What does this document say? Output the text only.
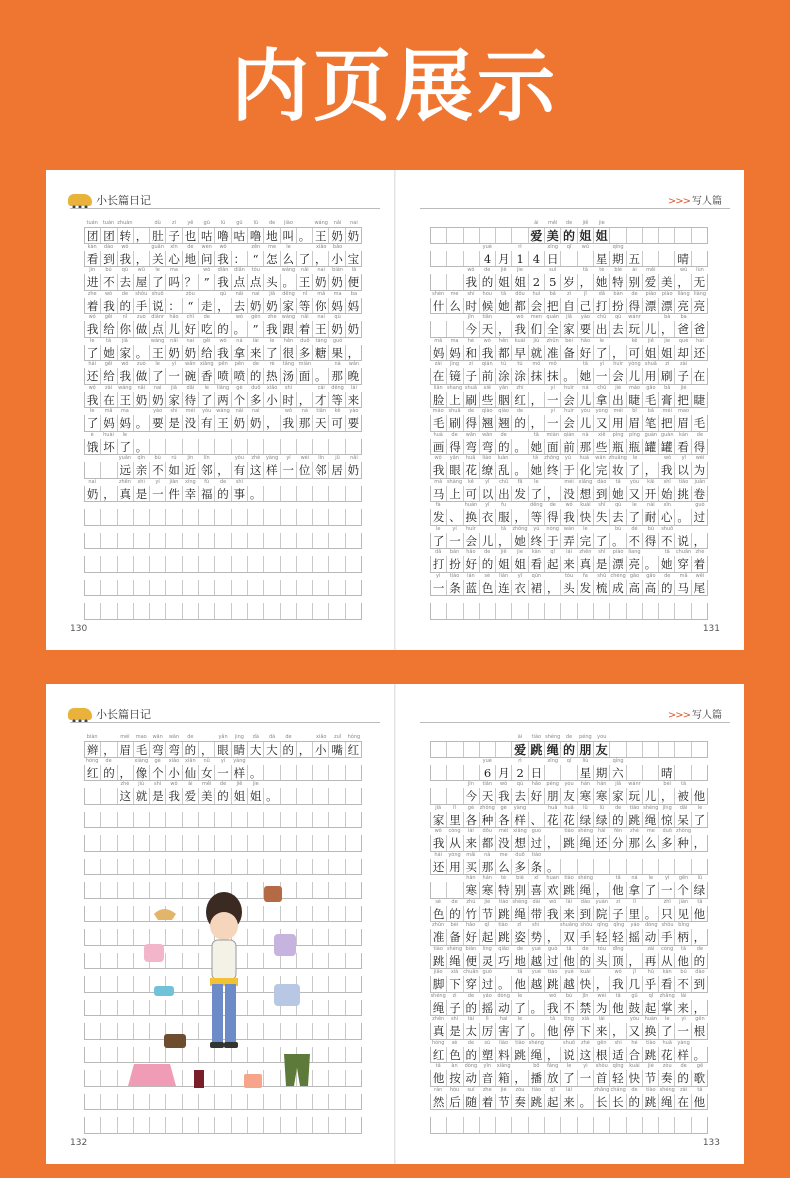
内页展示
小长篇日记
tuán tuán zhuàn	dù	zi	yě	gū	lū	gū	lū	de	jiào	wáng	nǎi	nai
团 团 转 ， 肚 子 也 咕 噜 咕 噜 地 叫 。 王 奶 奶
kàn	dào	wǒ	guān	xīn	de	wèn	wǒ	zěn	me	le	xiǎo	bǎo
看 到 我 ， 关 心 地 问 我 ： “ 怎 么 了 ， 小 宝
jìn	bú	qù	wū	le	ma	wǒ	diǎn	diǎn	tóu	wáng	nǎi	nai	biàn	lā
进 不 去 屋 了 吗 ？ ” 我 点 点 头 。 王 奶 奶 便
zhe	wǒ	de	shǒu shuō	zǒu	qù	nǎi	nai	jiā	děng	nǐ	mā	ma	ba
着 我 的 手 说 ： “ 走 ， 去 奶 奶 家 等 你 妈 妈
wǒ	gěi	nǐ	zuò	diǎnr	hǎo	chī	de	wǒ	gēn	zhe	wáng	nǎi	nai	qù
我 给 你 做 点 儿 好 吃 的 。 ” 我 跟 着 王 奶 奶
le	tā	jiā	wáng	nǎi	nai	gěi	wǒ	ná	lái	le	hěn	duō	táng	guǒ
了 她 家 。 王 奶 奶 给 我 拿 来 了 很 多 糖 果 ，
hái	gěi	wǒ	zuò	le	yì	wǎn xiāng pēn	pēn	de	rè	tāng miàn	nà	wǎn
还 给 我 做 了 一 碗 香 喷 喷 的 热 汤 面 。 那 晚
wǒ	zài	wáng	nǎi	nai	jiā	dāi	le	liǎng	gè	duō	xiǎo	shí	cái	děng	lái
我 在 王 奶 奶 家 待 了 两 个 多 小 时 ， 才 等 来
le	mā	ma	yào	shi	méi	yǒu	wáng	nǎi	nai	wǒ	nà	tiān	kě	yào
了 妈 妈 。 要 是 没 有 王 奶 奶 ， 我 那 天 可 要
è	huài	le
饿 坏 了 。
yuǎn	qīn	bù	rú	jìn	lín	yǒu	zhè	yàng	yí	wèi	lín	jū	nǎi
远 亲 不 如 近 邻 ， 有 这 样 一 位 邻 居 奶
nai	zhēn	shì	yí	jiàn	xìng	fú	de	shì
奶 ， 真 是 一 件 幸 福 的 事 。
130
>>> 写人篇
ài	měi	de	jiě	jie
爱 美 的 姐 姐
yuè	rì	xīng	qī	wǔ	qíng
4 月 1 4 日	星 期 五	晴
wǒ	de	jiě	jie	suì	tā	tè	bié	ài	měi	wú	lùn
我 的 姐 姐 2 5 岁 ， 她 特 别 爱 美 ， 无
shén	me	shí	hou	tā	dōu	huì	bǎ	zì	jǐ	dǎ	bàn	de	piào	piào liàng liàng
什 么 时 候 她 都 会 把 自 己 打 扮 得 漂 漂 亮 亮
jīn	tiān	wǒ	men quán	jiā	yào	chū	qù	wánr	bà	ba
今 天 ， 我 们 全 家 要 出 去 玩 儿 ， 爸 爸
mā	ma	hé	wǒ	hěn	kuài	jiù	zhǔn	bèi	hǎo	le	kě	jiě	jie	què	hái
妈 妈 和 我 都 早 就 准 备 好 了 ， 可 姐 姐 却 还
zài	jìng	zi	qián	tú	tú	mǒ	mǒ	tā	yí	huìr	yòng shuā	zi	zài
在 镜 子 前 涂 涂 抹 抹 。 她 一 会 儿 用 刷 子 在
liǎn shang shuā	xiē	yān	zhi	yí	huìr	ná	chū	jié	máo	gāo	bǎ	jié
脸 上 刷 些 胭 红 ， 一 会 儿 拿 出 睫 毛 膏 把 睫
máo shuā	de	qiào	qiào	de	yí	huìr	yòu	yòng	méi	bǐ	bǎ	méi	mao
毛 刷 得 翘 翘 的 ， 一 会 儿 又 用 眉 笔 把 眉 毛
huà	de	wān	wān	de	tā	miàn qián	nà	xiē	píng	píng guàn guàn	kàn	de
画 得 弯 弯 的 。 她 面 前 那 些 瓶 瓶 罐 罐 看 得
wǒ	yǎn	huā	liáo	luàn	tā	zhōng	yú	huà	wán zhuāng	le	wǒ	yǐ	wéi
我 眼 花 缭 乱 。 她 终 于 化 完 妆 了 ， 我 以 为
mǎ shàng	kě	yǐ	chū	fā	le	méi xiǎng dào	tā	yòu	kāi	shǐ	tiāo	juǎn
马 上 可 以 出 发 了 ， 没 想 到 她 又 开 始 挑 卷
fà	huàn	yī	fu	děng	de	wǒ	kuài	shī	qù	le	nài	xīn	guò
发 、 换 衣 服 ， 等 得 我 快 失 去 了 耐 心 。 过
le	yí	huìr	tā	zhōng	yú	nòng wán	le	bù	dé	bù	shuō
了 一 会 儿 ， 她 终 于 弄 完 了 。 不 得 不 说 ，
dǎ	bàn	hǎo	de	jiě	jie	kàn	qǐ	lái	zhēn	shì	piào liang	tā	chuān zhe
打 扮 好 的 姐 姐 看 起 来 真 是 漂 亮 。 她 穿 着
yì	tiáo	lán	sè	lián	yī	qún	tóu	fa	shū chéng gāo	gāo	de	mǎ	wěi
一 条 蓝 色 连 衣 裙 ， 头 发 梳 成 高 高 的 马 尾
131
小长篇日记
biàn	méi	mao	wān	wān	de	yǎn	jing	dà	dà	de	xiǎo	zuǐ	hóng
辫 ， 眉 毛 弯 弯 的 ， 眼 睛 大 大 的 ， 小 嘴 红
hóng	de	xiàng	gè	xiǎo	xiān	nǚ	yí	yàng
红 的 ， 像 个 小 仙 女 一 样 。
zhè	jiù	shì	wǒ	ài	měi	de	jiě	jie
这 就 是 我 爱 美 的 姐 姐 。
132
>>> 写人篇
ài	tiào shéng	de	péng	you
爱 跳 绳 的 朋 友
yuè	rì	xīng	qī	liù	qíng
6 月 2 日	星 期 六	晴
jīn	tiān	wǒ	qù	hǎo	péng	you	hán	hán	jiā	wánr	bèi	tā
今 天 我 去 好 朋 友 寒 寒 家 玩 儿 ， 被 他
jiā	lǐ	gè	zhǒng	gè	yàng	huā	huā	lǜ	lǜ	de	tiào shéng jīng	dāi	le
家 里 各 种 各 样 、 花 花 绿 绿 的 跳 绳 惊 呆 了
wǒ	cóng	lái	dōu	méi xiǎng guo	tiào shéng hái	fēn	zhè	me	duō zhǒng
我 从 来 都 没 想 过 ， 跳 绳 还 分 那 么 多 种 ，
hái	yòng	mǎi	nà	me	duō	tiáo
还 用 买 那 么 多 条 。
hán	hán	tè	bié	xǐ	huan	tiào shéng	tā	ná	le	yì	gēn	lǜ
寒 寒 特 别 喜 欢 跳 绳 ， 他 拿 了 一 个 绿
sè	de	zhú	jié	tiào shéng dài	wǒ	lái	dào	yuàn	zi	lǐ	zhǐ	jiàn	tā
色 的 竹 节 跳 绳 带 我 来 到 院 子 里 。 只 见 他
zhǔn	bèi	hǎo	qǐ	tiào	zī	shì	shuāng shǒu qīng	qīng	yáo	dòng shǒu bǐng
准 备 好 起 跳 姿 势 ， 双 手 轻 轻 摇 动 手 柄 ，
tiào shéng biàn	líng	qiǎo	de	yuè	guò	tā	de	tóu	dǐng	zài	cóng	tā	de
跳 绳 便 灵 巧 地 越 过 他 的 头 顶 ， 再 从 他 的
jiǎo	xià chuān guò	tā	yuè	tiào	yuè	kuài	wǒ	jǐ	hū	kàn	bú	dào
脚 下 穿 过 。 他 越 跳 越 快 ， 我 几 乎 看 不 到
shéng	zi	de	yáo	dòng	le	wǒ	bù	jīn	wèi	tā	gǔ	qǐ	zhǎng	lái
绳 子 的 摇 动 了 。 我 不 禁 为 他 鼓 起 掌 来 ，
zhēn	shì	tài	lì	hai	le	tā	tíng	xià	lái	yòu	huàn	le	yì	gēn
真 是 太 厉 害 了 。 他 停 下 来 ， 又 换 了 一 根
hóng	sè	de	sù	liào	tiào shéng	shuō	zhè	gēn	shì	hé	tiào	huā	yàng
红 色 的 塑 料 跳 绳 ， 说 这 根 适 合 跳 花 样 。
tā	àn	dòng	yīn	xiāng	bō	fàng	le	yì	shǒu qīng	kuài	jié	zòu	de	gē
他 按 动 音 箱 ， 播 放 了 一 首 轻 快 节 奏 的 歌
rán	hòu	suí	zhe	jié	zòu	tiào	qǐ	lái	zhǎng cháng	de	tiào shéng	zài	tā
然 后 随 着 节 奏 跳 起 来 。 长 长 的 跳 绳 在 他
133
